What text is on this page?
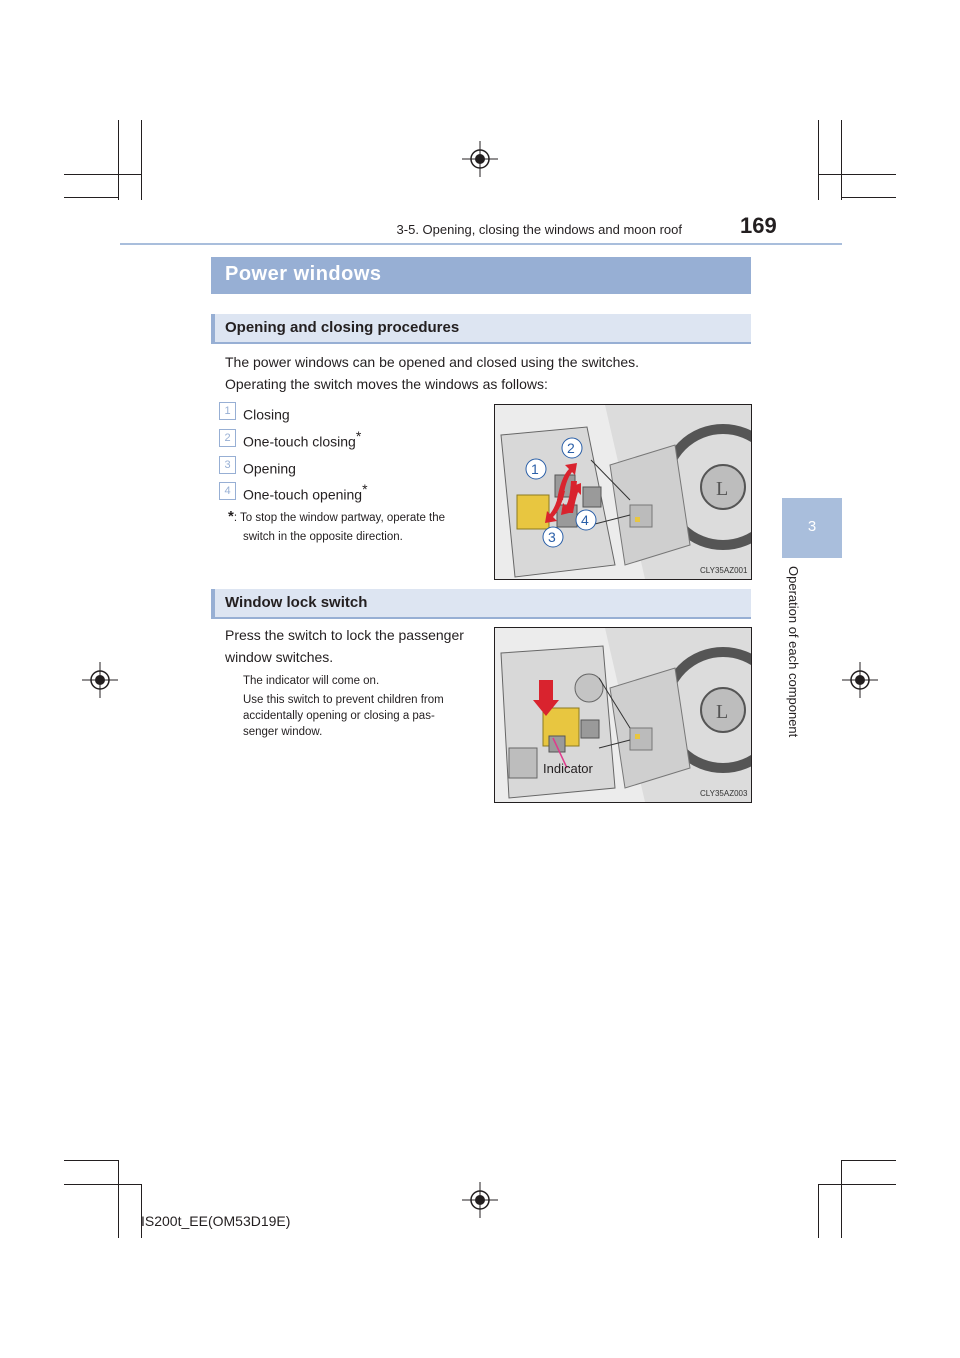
3-5. Opening, closing the windows and moon roof	169
3
Operation of each component
Power windows
Opening and closing procedures
The power windows can be opened and closed using the switches.
Operating the switch moves the windows as follows:
1 Closing
2 One-touch closing*
3 Opening
4 One-touch opening*
*: To stop the window partway, operate the
switch in the opposite direction.
L
1
2
3
4
CLY35AZ001
Window lock switch
Press the switch to lock the passenger
window switches.
The indicator will come on.
Use this switch to prevent children from
accidentally opening or closing a pas-
senger window.
L
Indicator
CLY35AZ003
IS200t_EE(OM53D19E)
